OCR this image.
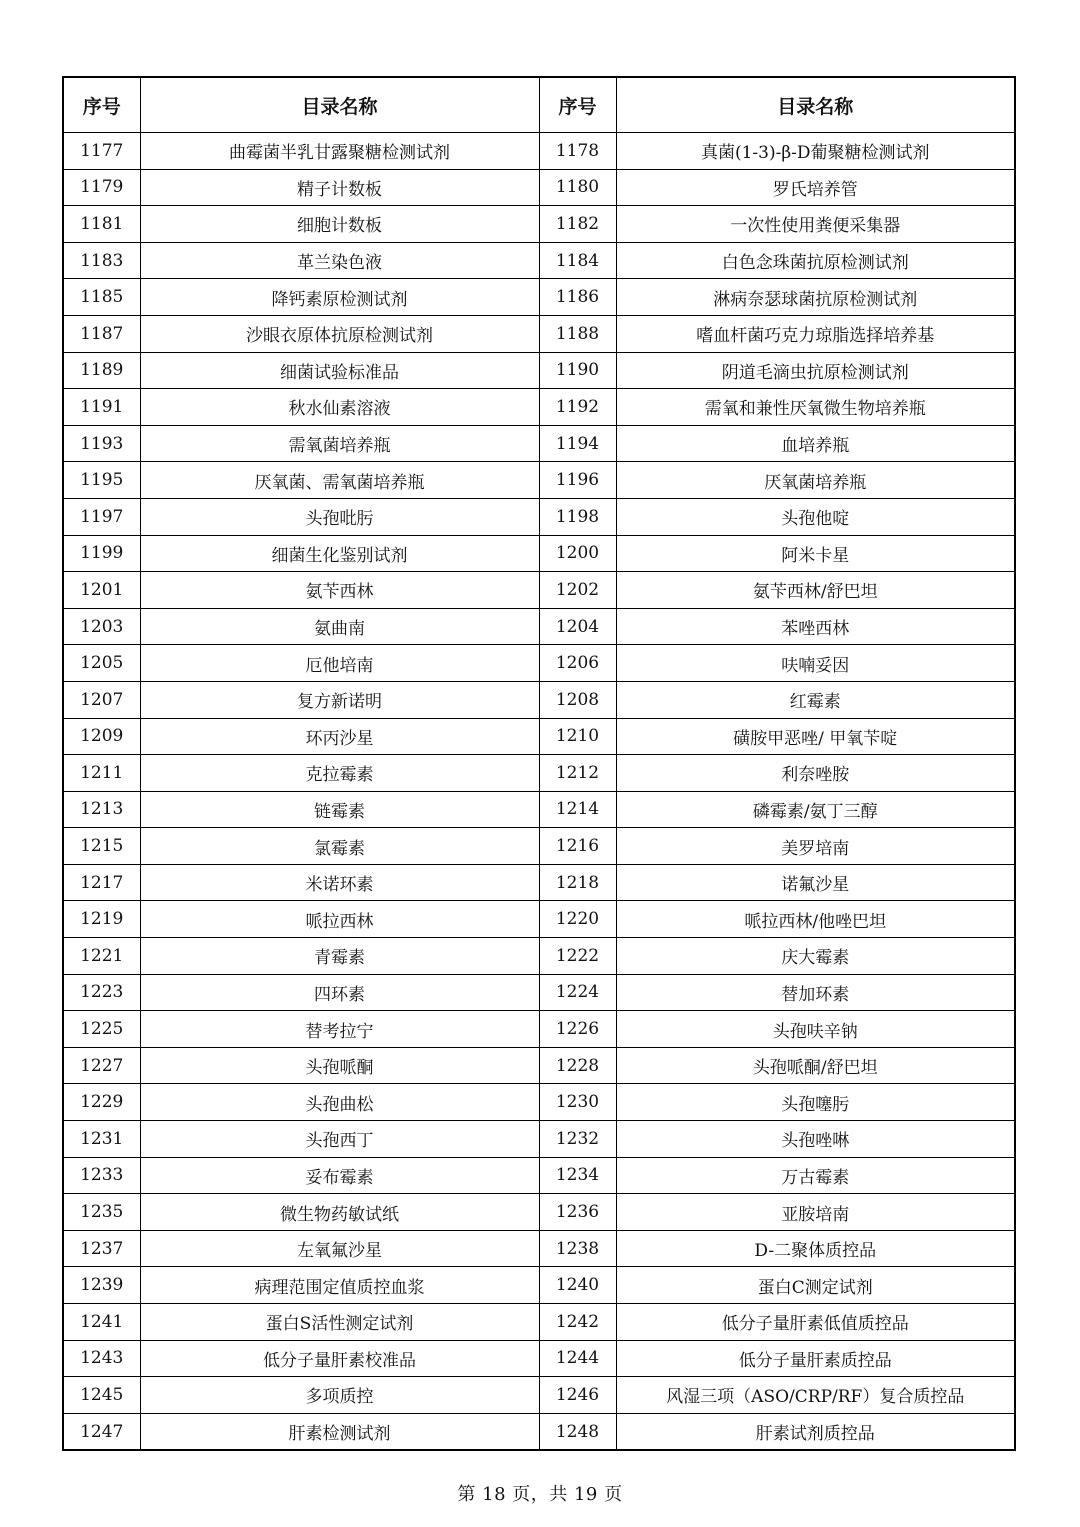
序号	目录名称	序号	目录名称
1177	曲霉菌半乳甘露聚糖检测试剂	1178	真菌(1-3)-β-D葡聚糖检测试剂
1179	精子计数板	1180	罗氏培养管
1181	细胞计数板	1182	一次性使用粪便采集器
1183	革兰染色液	1184	白色念珠菌抗原检测试剂
1185	降钙素原检测试剂	1186	淋病奈瑟球菌抗原检测试剂
1187	沙眼衣原体抗原检测试剂	1188	嗜血杆菌巧克力琼脂选择培养基
1189	细菌试验标准品	1190	阴道毛滴虫抗原检测试剂
1191	秋水仙素溶液	1192	需氧和兼性厌氧微生物培养瓶
1193	需氧菌培养瓶	1194	血培养瓶
1195	厌氧菌、需氧菌培养瓶	1196	厌氧菌培养瓶
1197	头孢吡肟	1198	头孢他啶
1199	细菌生化鉴别试剂	1200	阿米卡星
1201	氨苄西林	1202	氨苄西林/舒巴坦
1203	氨曲南	1204	苯唑西林
1205	厄他培南	1206	呋喃妥因
1207	复方新诺明	1208	红霉素
1209	环丙沙星	1210	磺胺甲恶唑/ 甲氧苄啶
1211	克拉霉素	1212	利奈唑胺
1213	链霉素	1214	磷霉素/氨丁三醇
1215	氯霉素	1216	美罗培南
1217	米诺环素	1218	诺氟沙星
1219	哌拉西林	1220	哌拉西林/他唑巴坦
1221	青霉素	1222	庆大霉素
1223	四环素	1224	替加环素
1225	替考拉宁	1226	头孢呋辛钠
1227	头孢哌酮	1228	头孢哌酮/舒巴坦
1229	头孢曲松	1230	头孢噻肟
1231	头孢西丁	1232	头孢唑啉
1233	妥布霉素	1234	万古霉素
1235	微生物药敏试纸	1236	亚胺培南
1237	左氧氟沙星	1238	D-二聚体质控品
1239	病理范围定值质控血浆	1240	蛋白C测定试剂
1241	蛋白S活性测定试剂	1242	低分子量肝素低值质控品
1243	低分子量肝素校准品	1244	低分子量肝素质控品
1245	多项质控	1246	风湿三项（ASO/CRP/RF）复合质控品
1247	肝素检测试剂	1248	肝素试剂质控品
第 18 页，共 19 页
